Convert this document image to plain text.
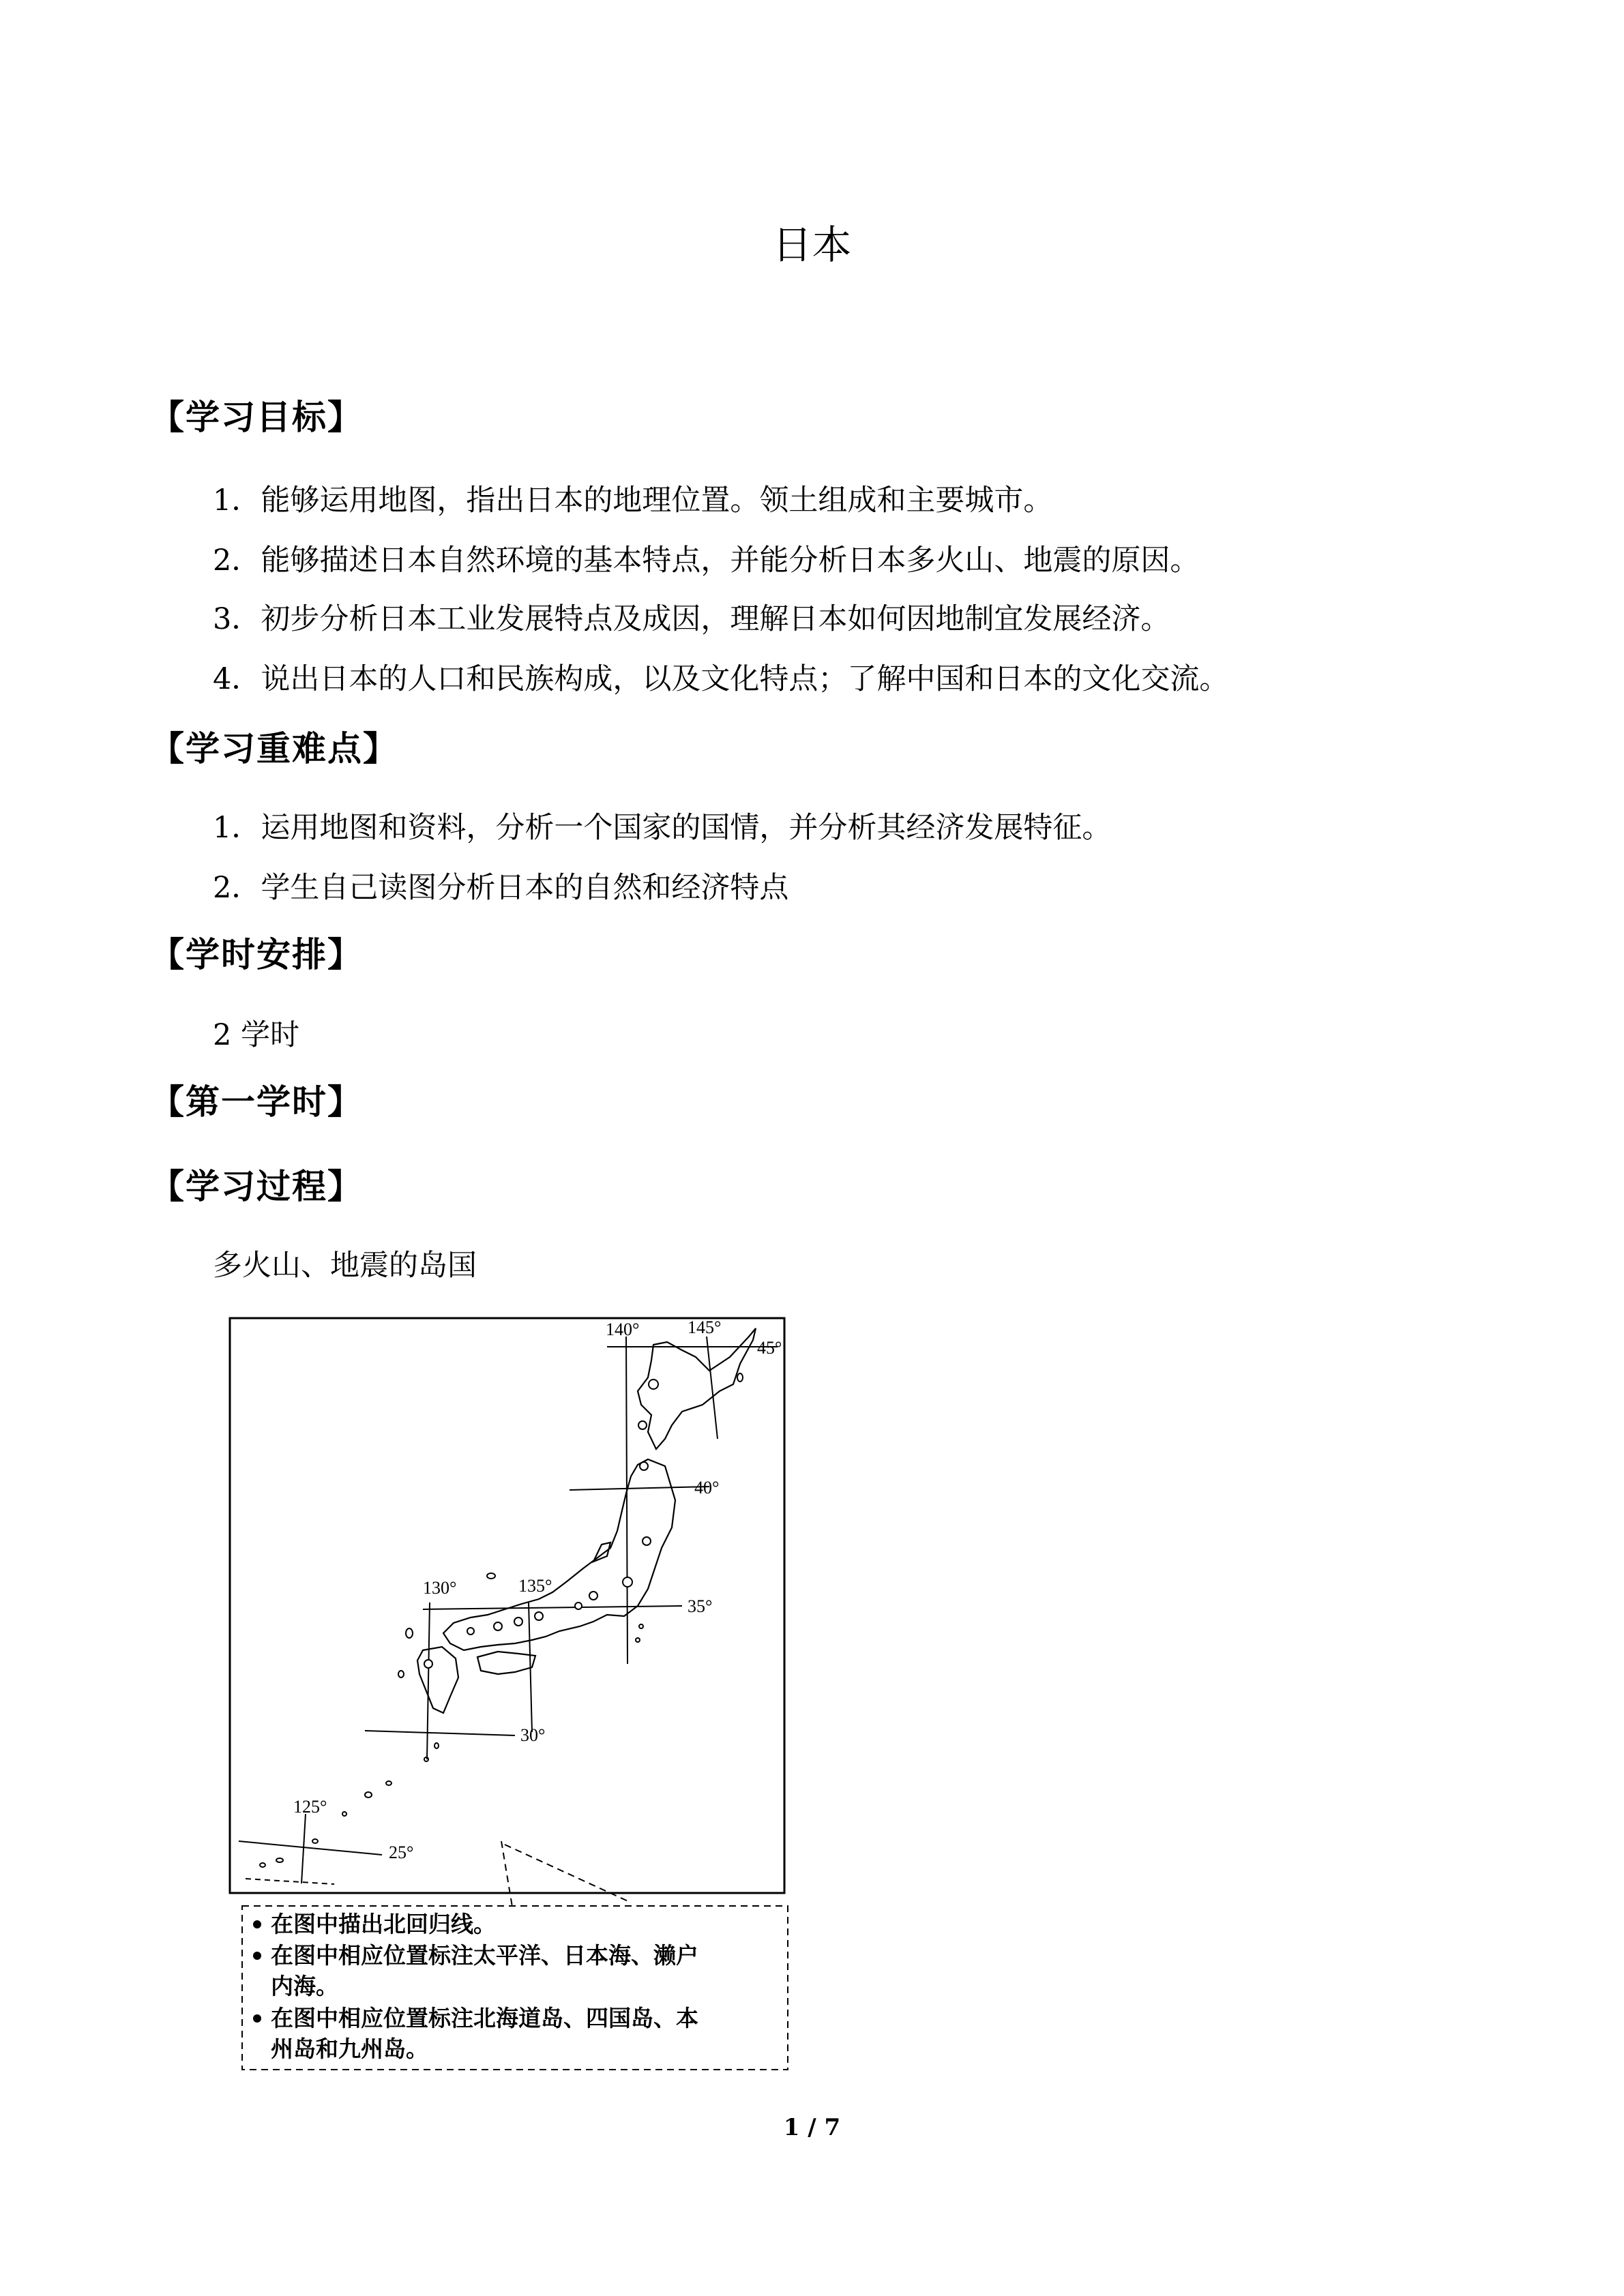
日本
【学习目标】
1．能够运用地图，指出日本的地理位置。领土组成和主要城市。
2．能够描述日本自然环境的基本特点，并能分析日本多火山、地震的原因。
3．初步分析日本工业发展特点及成因，理解日本如何因地制宜发展经济。
4．说出日本的人口和民族构成，以及文化特点；了解中国和日本的文化交流。
【学习重难点】
1．运用地图和资料，分析一个国家的国情，并分析其经济发展特征。
2．学生自己读图分析日本的自然和经济特点
【学时安排】
2 学时
【第一学时】
【学习过程】
多火山、地震的岛国
140°	145°
45°
40°
130°	135°
35°
30°
125°
25°
在图中描出北回归线。
在图中相应位置标注太平洋、日本海、濑户
内海。
在图中相应位置标注北海道岛、四国岛、本
州岛和九州岛。
1 / 7
